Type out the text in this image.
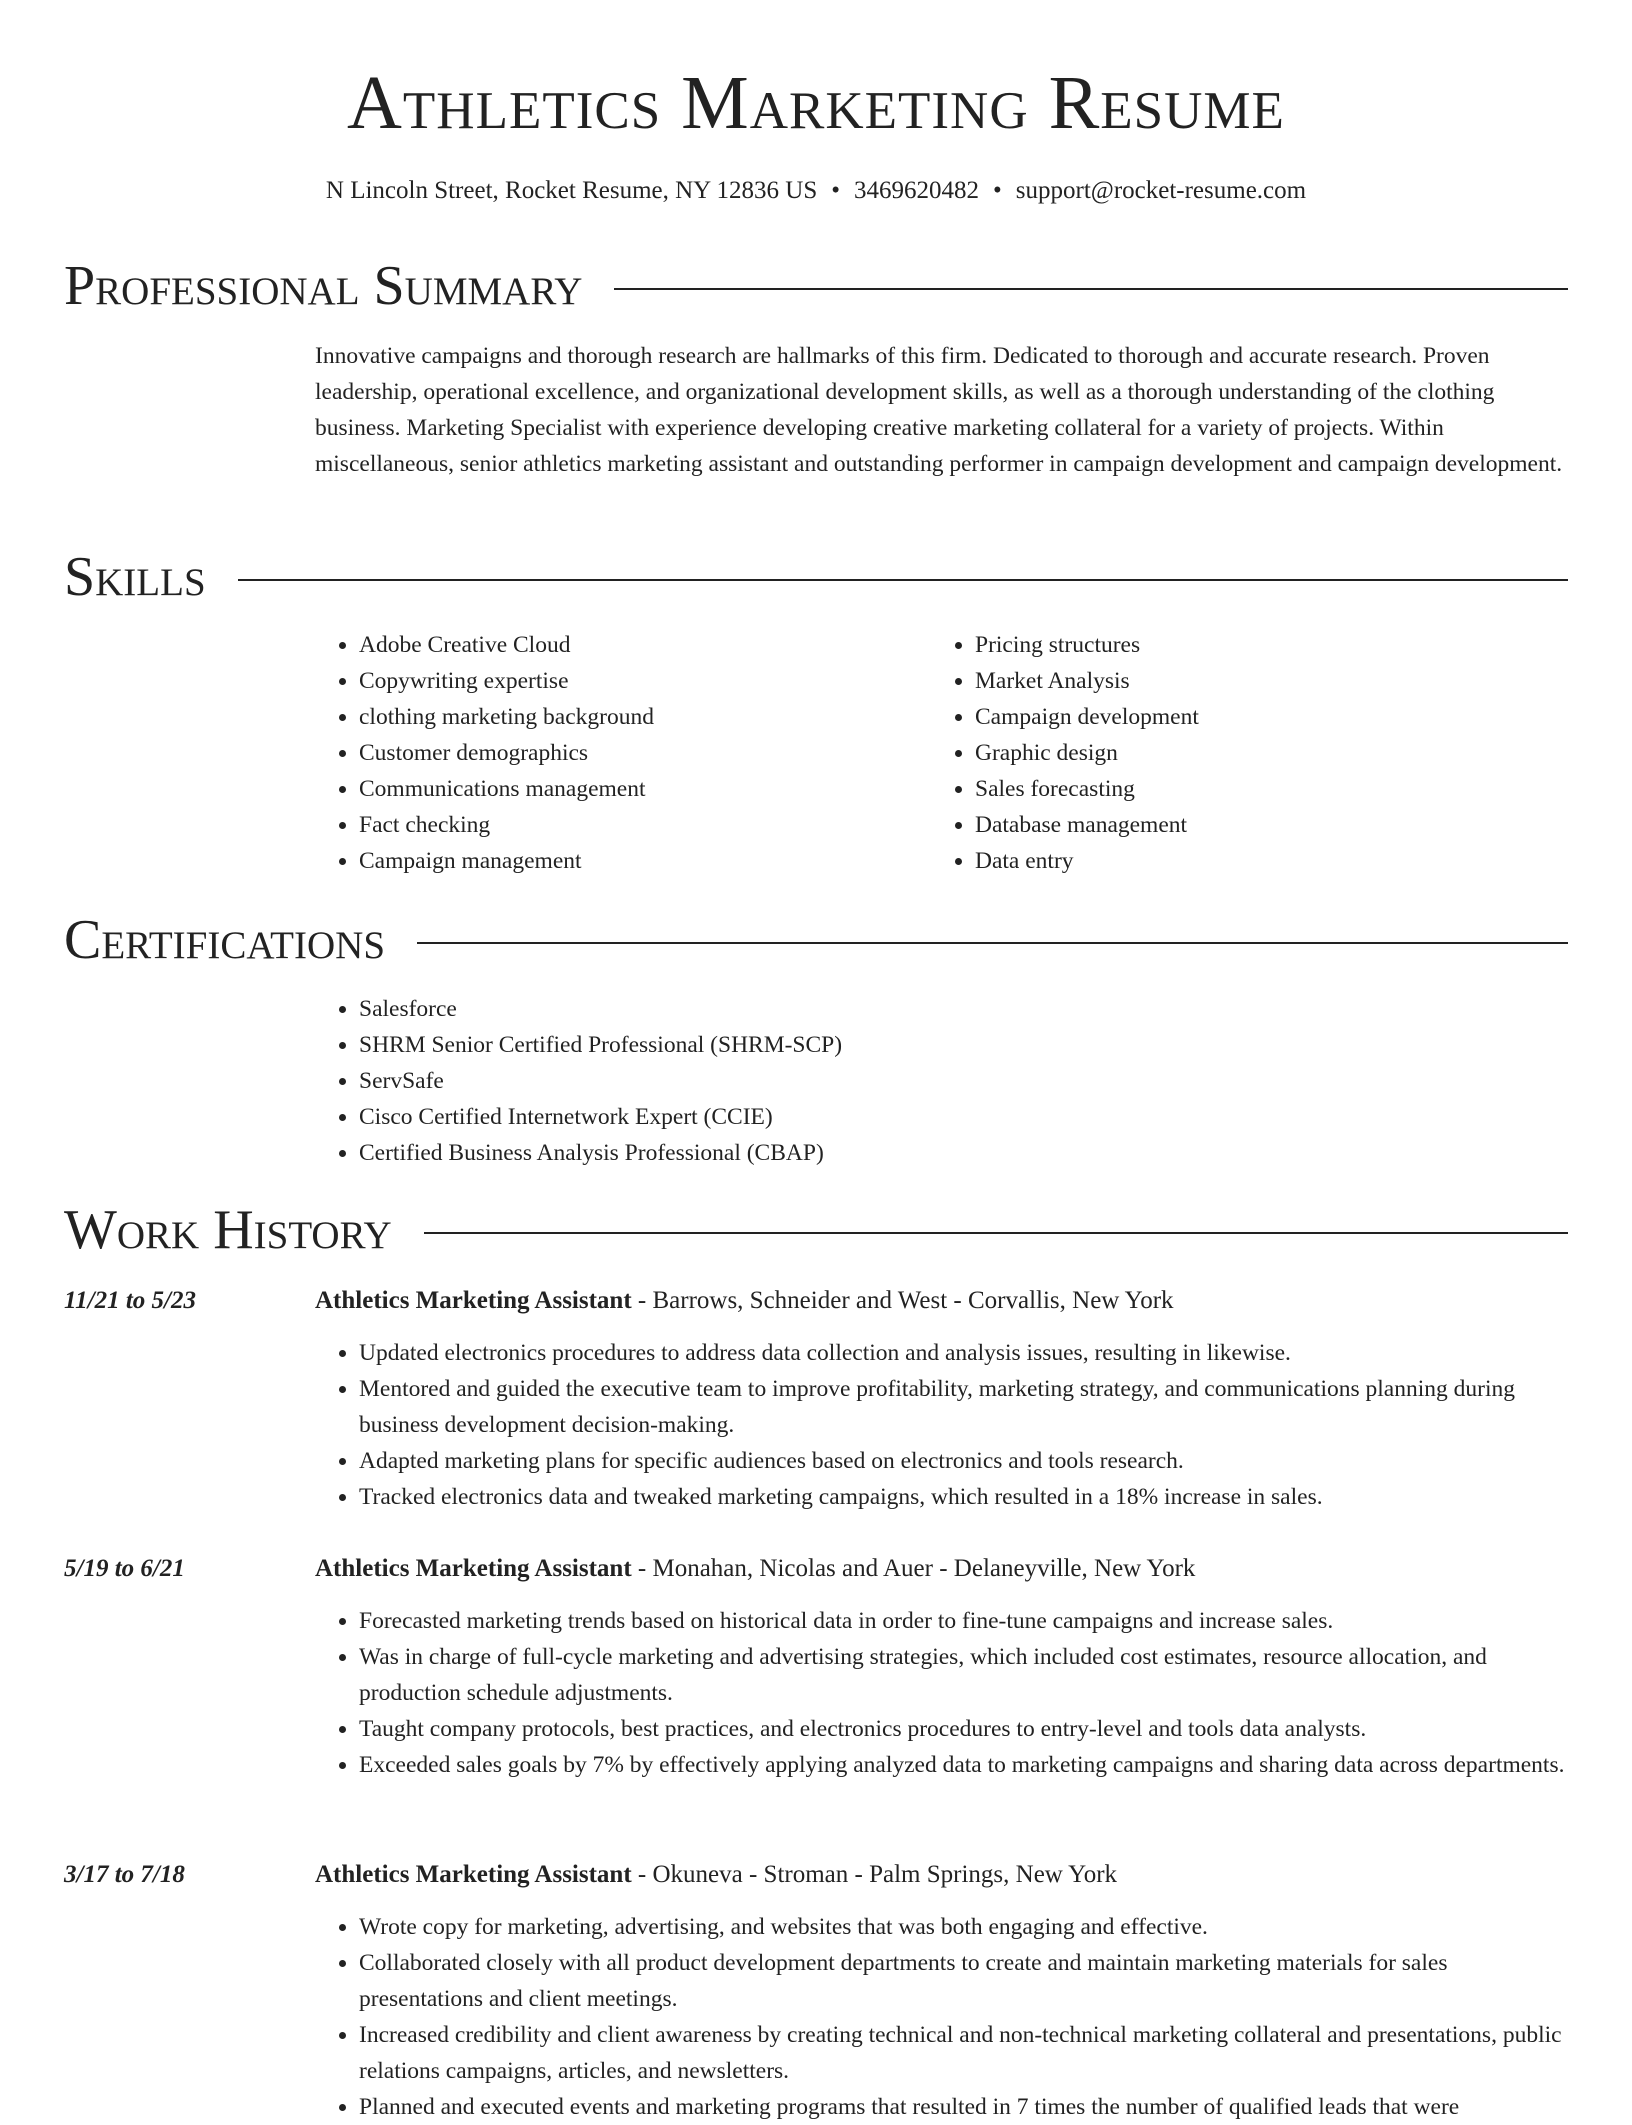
Athletics Marketing Resume
N Lincoln Street, Rocket Resume, NY 12836 US • 3469620482 • support@rocket-resume.com
Professional Summary
Innovative campaigns and thorough research are hallmarks of this firm. Dedicated to thorough and accurate research. Proven leadership, operational excellence, and organizational development skills, as well as a thorough understanding of the clothing business. Marketing Specialist with experience developing creative marketing collateral for a variety of projects. Within miscellaneous, senior athletics marketing assistant and outstanding performer in campaign development and campaign development.
Skills
• Adobe Creative Cloud
• Copywriting expertise
• clothing marketing background
• Customer demographics
• Communications management
• Fact checking
• Campaign management
• Pricing structures
• Market Analysis
• Campaign development
• Graphic design
• Sales forecasting
• Database management
• Data entry
Certifications
• Salesforce
• SHRM Senior Certified Professional (SHRM-SCP)
• ServSafe
• Cisco Certified Internetwork Expert (CCIE)
• Certified Business Analysis Professional (CBAP)
Work History
11/21 to 5/23	Athletics Marketing Assistant - Barrows, Schneider and West - Corvallis, New York
• Updated electronics procedures to address data collection and analysis issues, resulting in likewise.
• Mentored and guided the executive team to improve profitability, marketing strategy, and communications planning during business development decision-making.
• Adapted marketing plans for specific audiences based on electronics and tools research.
• Tracked electronics data and tweaked marketing campaigns, which resulted in a 18% increase in sales.
5/19 to 6/21	Athletics Marketing Assistant - Monahan, Nicolas and Auer - Delaneyville, New York
• Forecasted marketing trends based on historical data in order to fine-tune campaigns and increase sales.
• Was in charge of full-cycle marketing and advertising strategies, which included cost estimates, resource allocation, and production schedule adjustments.
• Taught company protocols, best practices, and electronics procedures to entry-level and tools data analysts.
• Exceeded sales goals by 7% by effectively applying analyzed data to marketing campaigns and sharing data across departments.
3/17 to 7/18	Athletics Marketing Assistant - Okuneva - Stroman - Palm Springs, New York
• Wrote copy for marketing, advertising, and websites that was both engaging and effective.
• Collaborated closely with all product development departments to create and maintain marketing materials for sales presentations and client meetings.
• Increased credibility and client awareness by creating technical and non-technical marketing collateral and presentations, public relations campaigns, articles, and newsletters.
• Planned and executed events and marketing programs that resulted in 7 times the number of qualified leads that were
